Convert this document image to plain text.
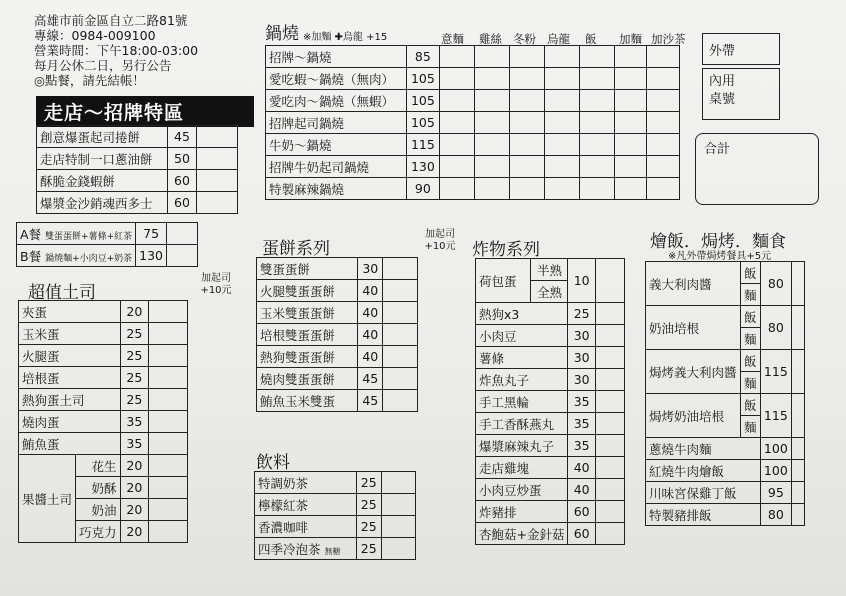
高雄市前金區自立二路81號
專線：0984-009100
營業時間：下午18:00-03:00
每月公休二日，另行公告
◎點餐，請先結帳！
走店～招牌特區
創意爆蛋起司捲餅	45	
走店特制一口蔥油餅	50	
酥脆金錢蝦餅	60	
爆漿金沙銷魂西多士	60	
A餐 雙蛋蛋餅+薯條+紅茶	75	
B餐 鍋燒麵+小肉豆+奶茶	130	
超值土司
加起司
+10元
夾蛋		20	
玉米蛋		25	
火腿蛋		25	
培根蛋		25	
熱狗蛋土司		25	
燒肉蛋		35	
鮪魚蛋		35	
果醬土司	花生	20	
	奶酥	20	
	奶油	20	
	巧克力	20	
鍋燒 ※加麵 ✚烏龍 +15	意麵 雞絲 冬粉 烏龍 飯 加麵 加沙茶
招牌～鍋燒	85							
愛吃蝦～鍋燒（無肉）	105							
愛吃肉～鍋燒（無蝦）	105							
招牌起司鍋燒	105							
牛奶～鍋燒	115							
招牌牛奶起司鍋燒	130							
特製麻辣鍋燒	90							
外帶
內用
桌號
合計
蛋餅系列
加起司
+10元
雙蛋蛋餅	30	
火腿雙蛋蛋餅	40	
玉米雙蛋蛋餅	40	
培根雙蛋蛋餅	40	
熱狗雙蛋蛋餅	40	
燒肉雙蛋蛋餅	45	
鮪魚玉米雙蛋	45	
飲料
特調奶茶	25	
檸檬紅茶	25	
香濃咖啡	25	
四季冷泡茶 無糖	25	
炸物系列
荷包蛋	半熟	10	
	全熟		
熱狗x3		25	
小肉豆		30	
薯條		30	
炸魚丸子		30	
手工黑輪		35	
手工香酥燕丸		35	
爆漿麻辣丸子		35	
走店雞塊		40	
小肉豆炒蛋		40	
炸豬排		60	
杏鮑菇+金針菇		60	
燴飯．焗烤．麵食
※凡外帶焗烤餐具+5元
義大利肉醬	飯	80	
	麵		
奶油培根	飯	80	
	麵		
焗烤義大利肉醬	飯	115	
	麵		
焗烤奶油培根	飯	115	
	麵		
蔥燒牛肉麵		100	
紅燒牛肉燴飯		100	
川味宮保雞丁飯		95	
特製豬排飯		80	
